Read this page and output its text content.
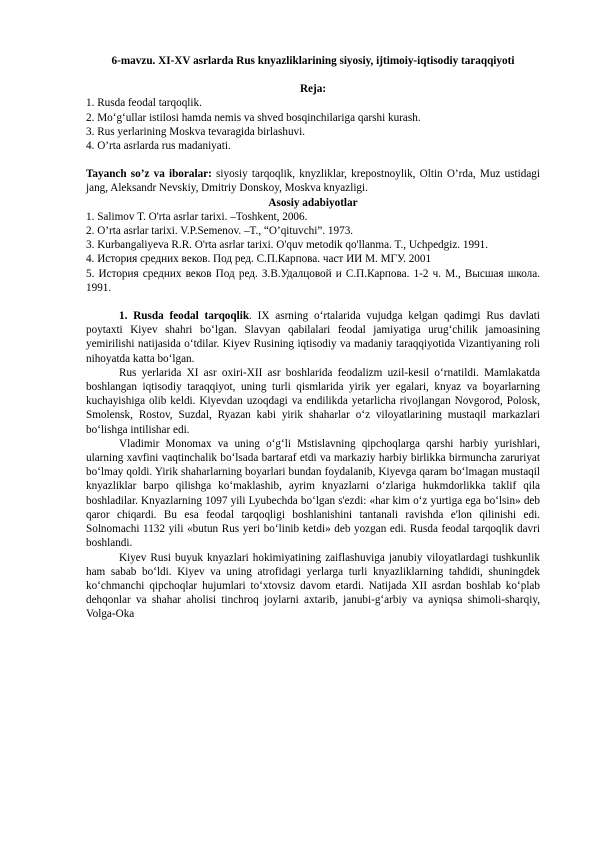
6-mavzu. XI-XV asrlarda Rus knyazliklarining siyosiy, ijtimoiy-iqtisodiy taraqqiyoti
Reja:
1. Rusda feodal tarqoqlik.
2. Mo‘g‘ullar istilosi hamda nemis va shved bosqinchilariga qarshi kurash.
3. Rus yerlarining Moskva tevaragida birlashuvi.
4. O’rta asrlarda rus madaniyati.
Tayanch so’z va iboralar: siyosiy tarqoqlik, knyzliklar, krepostnoylik, Oltin O’rda, Muz ustidagi jang, Aleksandr Nevskiy, Dmitriy Donskoy, Moskva knyazligi.
Asosiy adabiyotlar
1. Salimov T. O'rta asrlar tarixi. –Toshkent, 2006.
2. O’rta asrlar tarixi. V.P.Semenov. –T., “O’qituvchi”. 1973.
3. Kurbangaliyeva R.R. O'rta asrlar tarixi. O'quv metodik qo'llanma. T., Uchpedgiz. 1991.
4. История средних веков. Под ред. С.П.Карпова. част ИИ М. МГУ. 2001
5. История средних веков Под ред. З.В.Удалцовой и С.П.Карпова. 1-2 ч. М., Высшая школа. 1991.

1. Rusda feodal tarqoqlik. IX asrning o‘rtalarida vujudga kelgan qadimgi Rus davlati poytaxti Kiyev shahri bo‘lgan. Slavyan qabilalari feodal jamiyatiga urug‘chilik jamoasining yemirilishi natijasida o‘tdilar. Kiyev Rusining iqtisodiy va madaniy taraqqiyotida Vizantiyaning roli nihoyatda katta bo‘lgan.

Rus yerlarida XI asr oxiri-XII asr boshlarida feodalizm uzil-kesil o‘rnatildi. Mamlakatda boshlangan iqtisodiy taraqqiyot, uning turli qismlarida yirik yer egalari, knyaz va boyarlarning kuchayishiga olib keldi. Kiyevdan uzoqdagi va endilikda yetarlicha rivojlangan Novgorod, Polosk, Smolensk, Rostov, Suzdal, Ryazan kabi yirik shaharlar o‘z viloyatlarining mustaqil markazlari bo‘lishga intilishar edi.

Vladimir Monomax va uning o‘g‘li Mstislavning qipchoqlarga qarshi harbiy yurishlari, ularning xavfini vaqtinchalik bo‘lsada bartaraf etdi va markaziy harbiy birlikka birmuncha zaruriyat bo‘lmay qoldi. Yirik shaharlarning boyarlari bundan foydalanib, Kiyevga qaram bo‘lmagan mustaqil knyazliklar barpo qilishga ko‘maklashib, ayrim knyazlarni o‘zlariga hukmdorlikka taklif qila boshladilar. Knyazlarning 1097 yili Lyubechda bo‘lgan s'ezdi: «har kim o‘z yurtiga ega bo‘lsin» deb qaror chiqardi. Bu esa feodal tarqoqligi boshlanishini tantanali ravishda e'lon qilinishi edi. Solnomachi 1132 yili «butun Rus yeri bo‘linib ketdi» deb yozgan edi. Rusda feodal tarqoqlik davri boshlandi.

Kiyev Rusi buyuk knyazlari hokimiyatining zaiflashuviga janubiy viloyatlardagi tushkunlik ham sabab bo‘ldi. Kiyev va uning atrofidagi yerlarga turli knyazliklarning tahdidi, shuningdek ko‘chmanchi qipchoqlar hujumlari to‘xtovsiz davom etardi. Natijada XII asrdan boshlab ko‘plab dehqonlar va shahar aholisi tinchroq joylarni axtarib, janubi-g‘arbiy va ayniqsa shimoli-sharqiy, Volga-Oka
